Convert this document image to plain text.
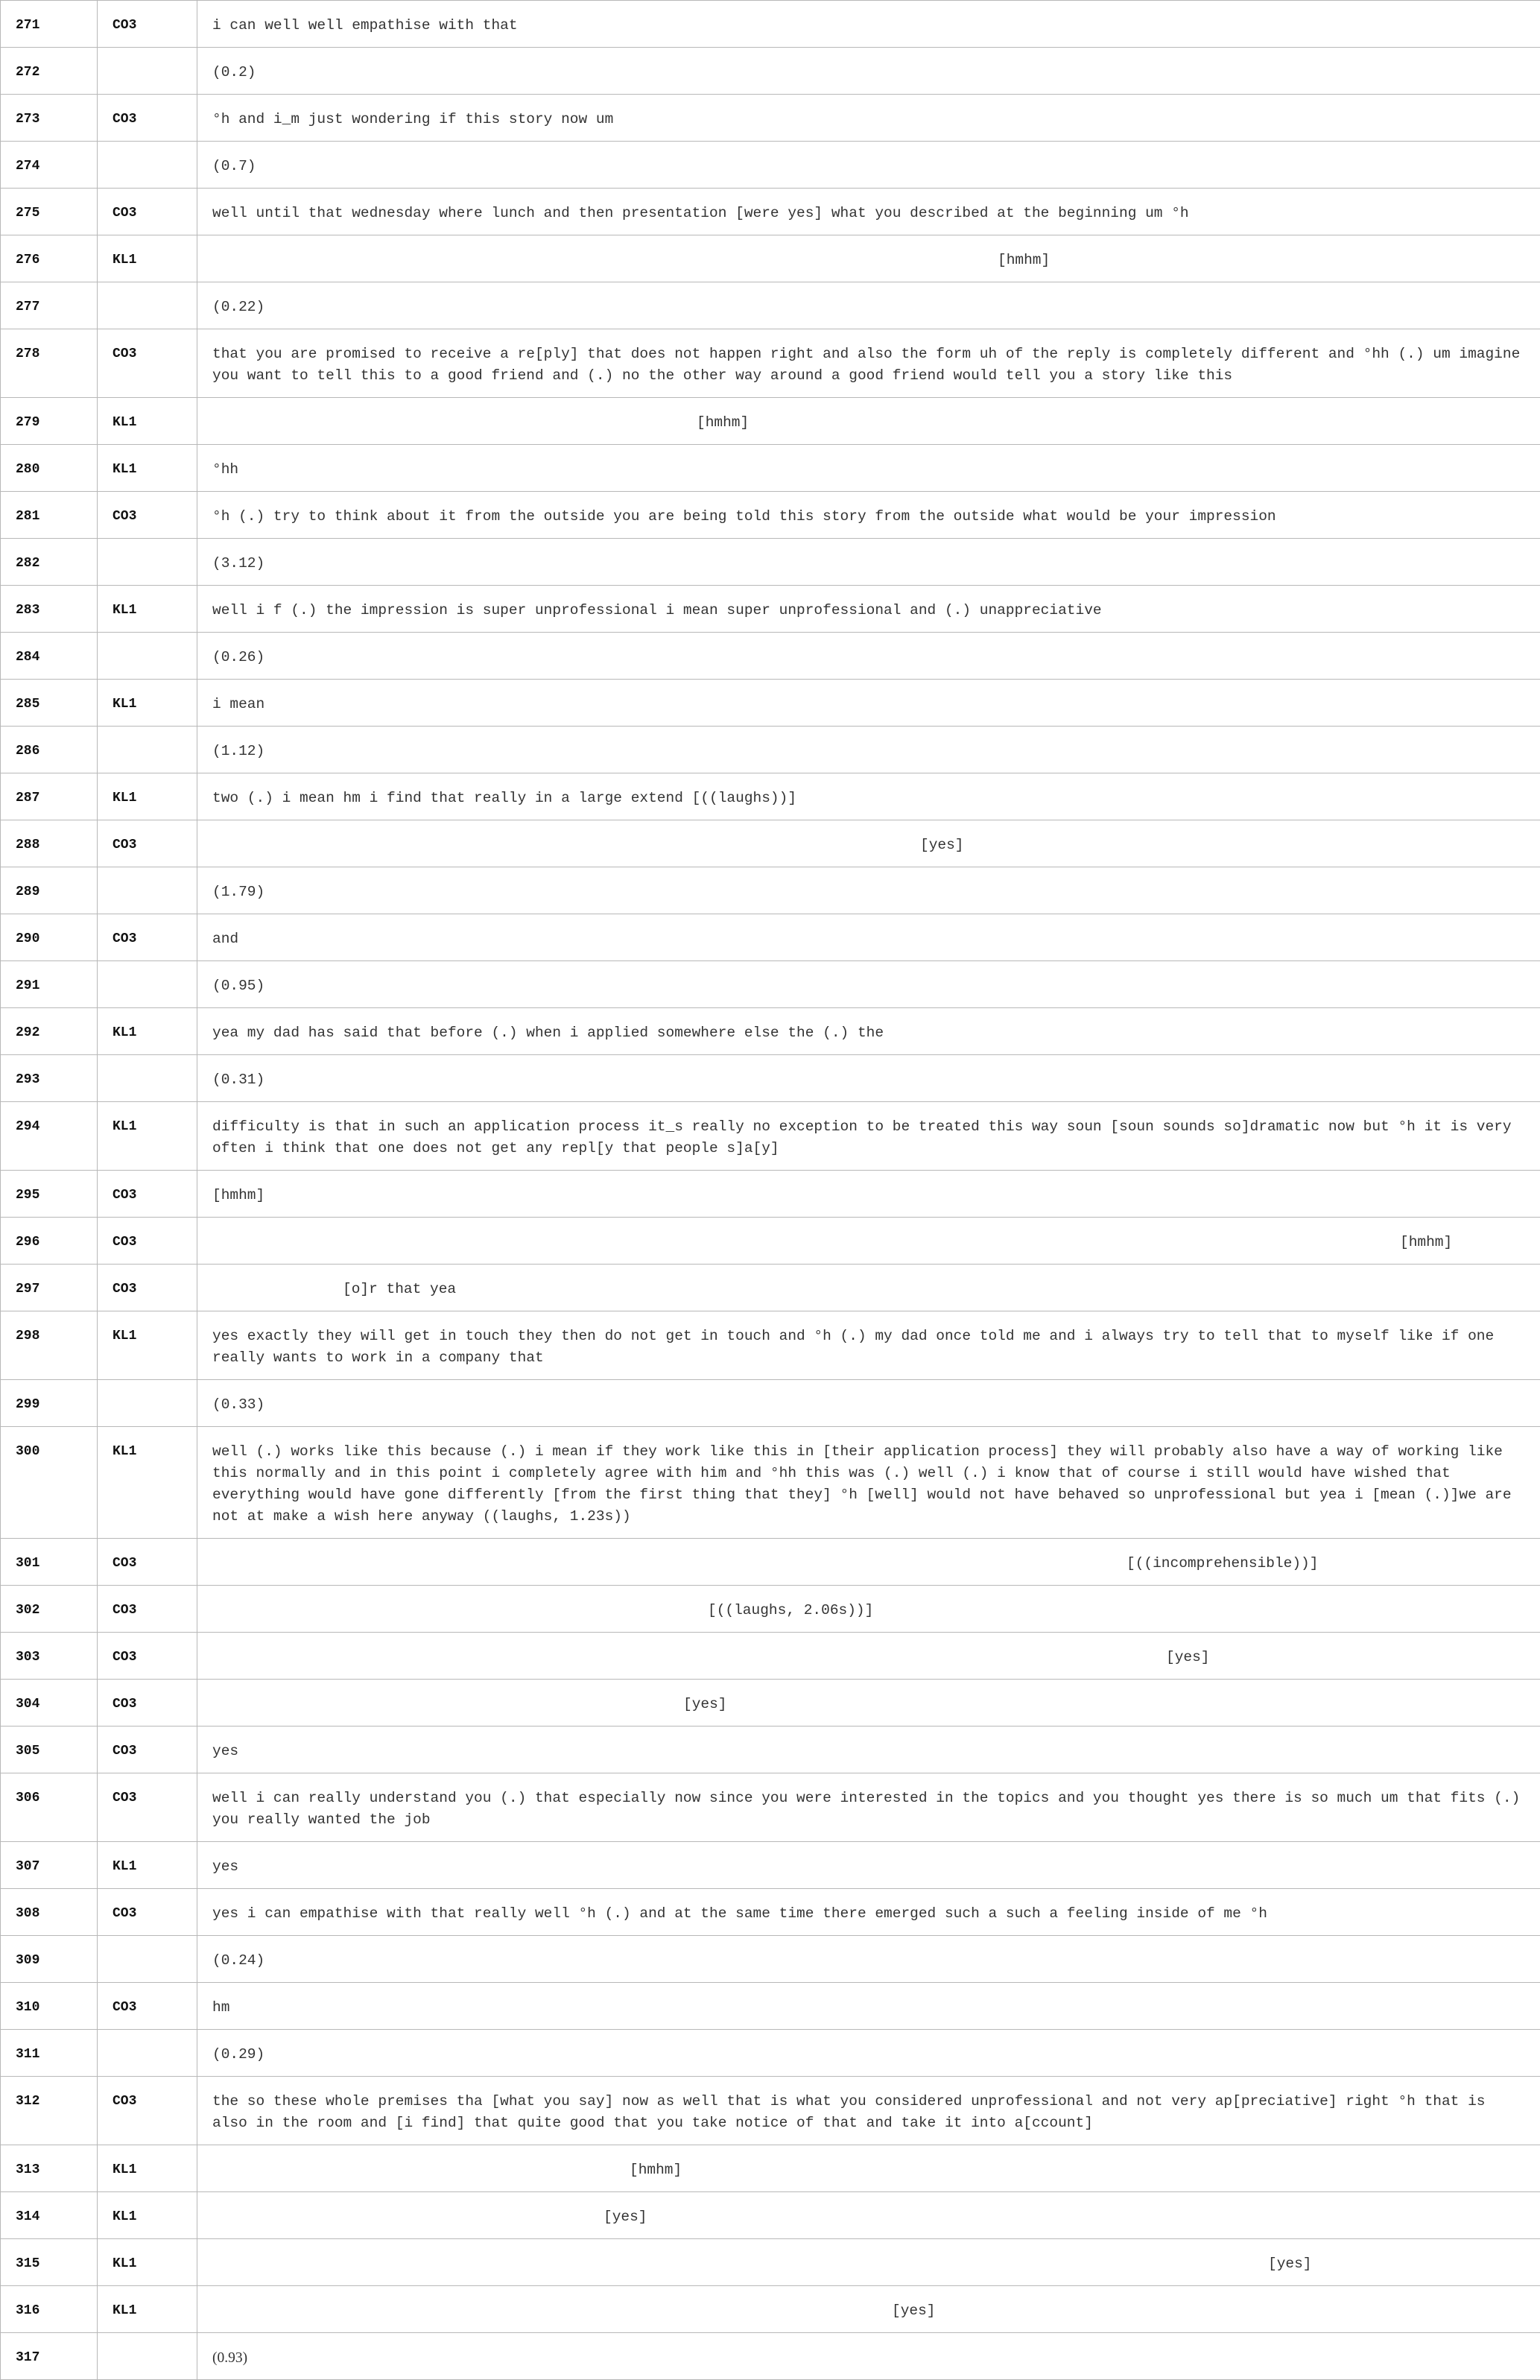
271	CO3	i can well well empathise with that
272		(0.2)
273	CO3	°h and i_m just wondering if this story now um
274		(0.7)
275	CO3	well until that wednesday where lunch and then presentation [were yes] what you described at the beginning um °h
276	KL1	[hmhm]
277		(0.22)
278	CO3	that you are promised to receive a re[ply] that does not happen right and also the form uh of the reply is completely different and °hh (.) um imagine you want to tell this to a good friend and (.) no the other way around a good friend would tell you a story like this
279	KL1	[hmhm]
280	KL1	°hh
281	CO3	°h (.) try to think about it from the outside you are being told this story from the outside what would be your impression
282		(3.12)
283	KL1	well i f (.) the impression is super unprofessional i mean super unprofessional and (.) unappreciative
284		(0.26)
285	KL1	i mean
286		(1.12)
287	KL1	two (.) i mean hm i find that really in a large extend [((laughs))]
288	CO3	[yes]
289		(1.79)
290	CO3	and
291		(0.95)
292	KL1	yea my dad has said that before (.) when i applied somewhere else the (.) the
293		(0.31)
294	KL1	difficulty is that in such an application process it_s really no exception to be treated this way soun [soun sounds so]dramatic now but °h it is very often i think that one does not get any repl[y that people s]a[y]
295	CO3	[hmhm]
296	CO3	[hmhm]
297	CO3	[o]r that yea
298	KL1	yes exactly they will get in touch they then do not get in touch and °h (.) my dad once told me and i always try to tell that to myself like if one really wants to work in a company that
299		(0.33)
300	KL1	well (.) works like this because (.) i mean if they work like this in [their application process] they will probably also have a way of working like this normally and in this point i completely agree with him and °hh this was (.) well (.) i know that of course i still would have wished that everything would have gone differently [from the first thing that they] °h [well] would not have behaved so unprofessional but yea i [mean (.)]we are not at make a wish here anyway ((laughs, 1.23s))
301	CO3	[((incomprehensible))]
302	CO3	[((laughs, 2.06s))]
303	CO3	[yes]
304	CO3	[yes]
305	CO3	yes
306	CO3	well i can really understand you (.) that especially now since you were interested in the topics and you thought yes there is so much um that fits (.) you really wanted the job
307	KL1	yes
308	CO3	yes i can empathise with that really well °h (.) and at the same time there emerged such a such a feeling inside of me °h
309		(0.24)
310	CO3	hm
311		(0.29)
312	CO3	the so these whole premises tha [what you say] now as well that is what you considered unprofessional and not very ap[preciative] right °h that is also in the room and [i find] that quite good that you take notice of that and take it into a[ccount]
313	KL1	[hmhm]
314	KL1	[yes]
315	KL1	[yes]
316	KL1	[yes]
317		(0.93)
